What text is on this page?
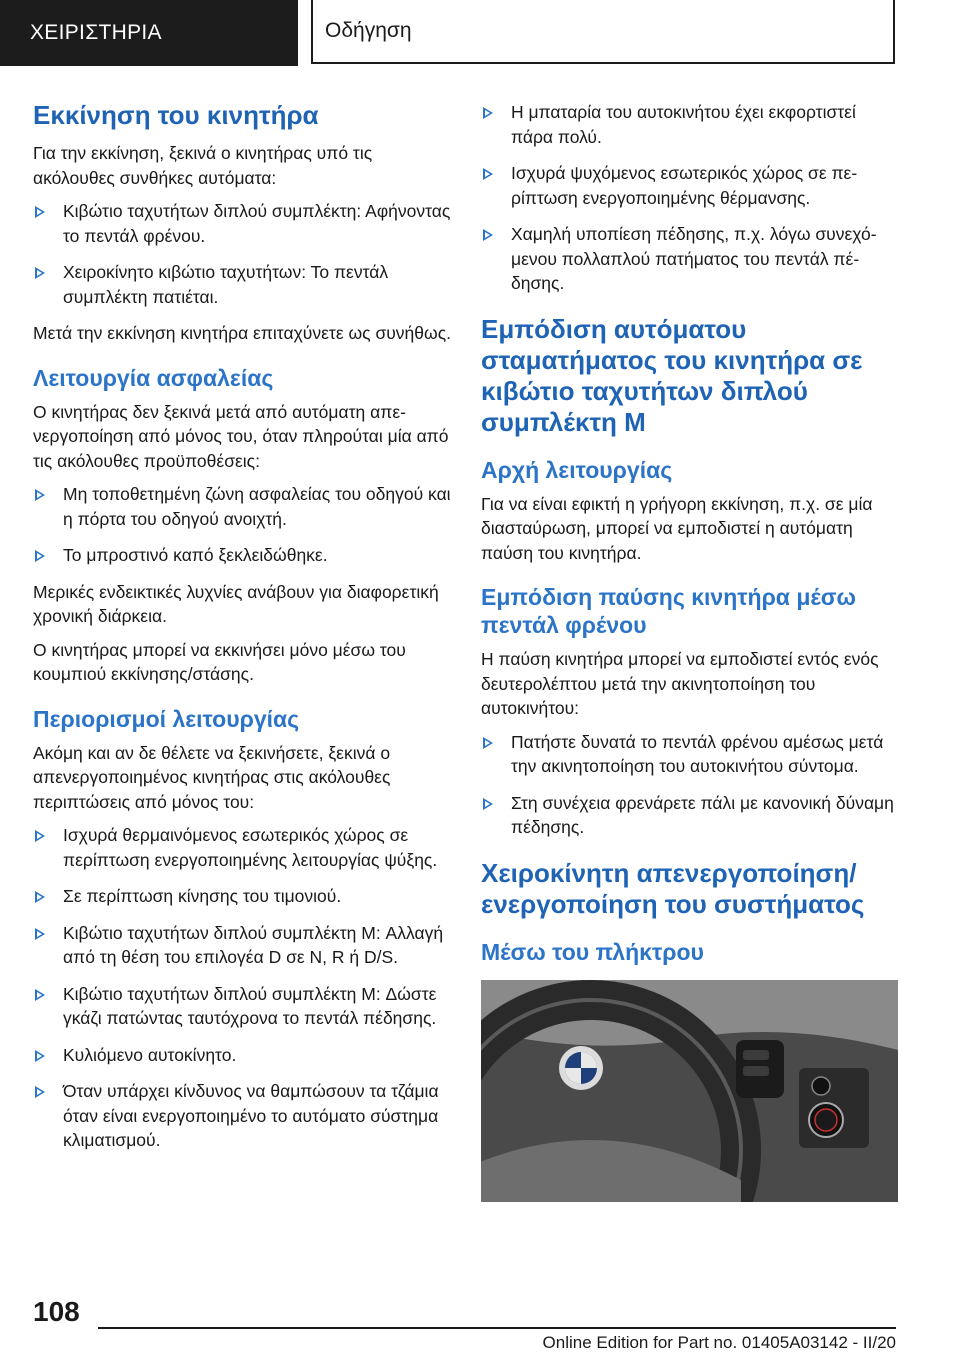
ΧΕΙΡΙΣΤΗΡΙΑ	Οδήγηση
Εκκίνηση του κινητήρα

Για την εκκίνηση, ξεκινά ο κινητήρας υπό τις ακόλουθες συνθήκες αυτόματα:

Κιβώτιο ταχυτήτων διπλού συμπλέκτη: Αφήνοντας το πεντάλ φρένου.
Χειροκίνητο κιβώτιο ταχυτήτων: Το πεντάλ συμπλέκτη πατιέται.

Μετά την εκκίνηση κινητήρα επιταχύνετε ως συνήθως.

Λειτουργία ασφαλείας

Ο κινητήρας δεν ξεκινά μετά από αυτόματη απενεργοποίηση από μόνος του, όταν πληρούται μία από τις ακόλουθες προϋποθέσεις:

Μη τοποθετημένη ζώνη ασφαλείας του οδηγού και η πόρτα του οδηγού ανοιχτή.
Το μπροστινό καπό ξεκλειδώθηκε.

Μερικές ενδεικτικές λυχνίες ανάβουν για διαφορετική χρονική διάρκεια.

Ο κινητήρας μπορεί να εκκινήσει μόνο μέσω του κουμπιού εκκίνησης/στάσης.

Περιορισμοί λειτουργίας

Ακόμη και αν δε θέλετε να ξεκινήσετε, ξεκινά ο απενεργοποιημένος κινητήρας στις ακόλουθες περιπτώσεις από μόνος του:

Ισχυρά θερμαινόμενος εσωτερικός χώρος σε περίπτωση ενεργοποιημένης λειτουργίας ψύξης.
Σε περίπτωση κίνησης του τιμονιού.
Κιβώτιο ταχυτήτων διπλού συμπλέκτη M: Αλλαγή από τη θέση του επιλογέα D σε N, R ή D/S.
Κιβώτιο ταχυτήτων διπλού συμπλέκτη M: Δώστε γκάζι πατώντας ταυτόχρονα το πεντάλ πέδησης.
Κυλιόμενο αυτοκίνητο.
Όταν υπάρχει κίνδυνος να θαμπώσουν τα τζάμια όταν είναι ενεργοποιημένο το αυτόματο σύστημα κλιματισμού.
Η μπαταρία του αυτοκινήτου έχει εκφορτιστεί πάρα πολύ.
Ισχυρά ψυχόμενος εσωτερικός χώρος σε περίπτωση ενεργοποιημένης θέρμανσης.
Χαμηλή υποπίεση πέδησης, π.χ. λόγω συνεχόμενου πολλαπλού πατήματος του πεντάλ πέδησης.
Εμπόδιση αυτόματου σταματήματος του κινητήρα σε κιβώτιο ταχυτήτων διπλού συμπλέκτη M
Αρχή λειτουργίας

Για να είναι εφικτή η γρήγορη εκκίνηση, π.χ. σε μία διασταύρωση, μπορεί να εμποδιστεί η αυτόματη παύση του κινητήρα.

Εμπόδιση παύσης κινητήρα μέσω πεντάλ φρένου

Η παύση κινητήρα μπορεί να εμποδιστεί εντός ενός δευτερολέπτου μετά την ακινητοποίηση του αυτοκινήτου:

Πατήστε δυνατά το πεντάλ φρένου αμέσως μετά την ακινητοποίηση του αυτοκινήτου σύντομα.
Στη συνέχεια φρενάρετε πάλι με κανονική δύναμη πέδησης.
Χειροκίνητη απενεργοποίηση/ ενεργοποίηση του συστήματος
Μέσω του πλήκτρου
108
Online Edition for Part no. 01405A03142 - II/20
